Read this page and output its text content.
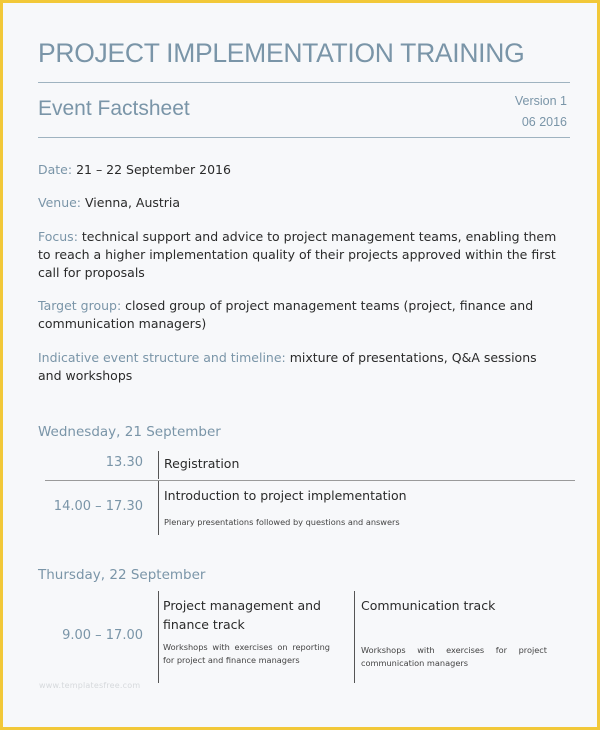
PROJECT IMPLEMENTATION TRAINING
Event Factsheet	Version 1
06 2016
Date: 21 – 22 September 2016
Venue: Vienna, Austria
Focus: technical support and advice to project management teams, enabling them to reach a higher implementation quality of their projects approved within the first call for proposals
Target group: closed group of project management teams (project, finance and communication managers)
Indicative event structure and timeline: mixture of presentations, Q&A sessions and workshops
Wednesday, 21 September
13.30 Registration
14.00 – 17.30
Introduction to project implementation
Plenary presentations followed by questions and answers
Thursday, 22 September
9.00 – 17.00
Project management and finance track
Workshops with exercises on reporting for project and finance managers
Communication track
Workshops with exercises for project communication managers
www.templatesfree.com
